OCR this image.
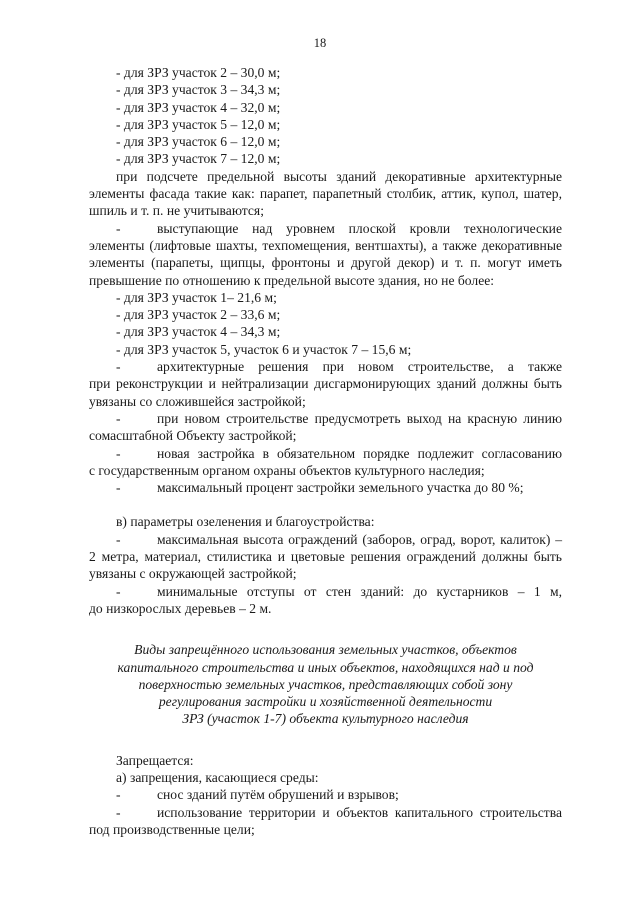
18
- для ЗРЗ участок 2 – 30,0 м;
- для ЗРЗ участок 3 – 34,3 м;
- для ЗРЗ участок 4 – 32,0 м;
- для ЗРЗ участок 5 – 12,0 м;
- для ЗРЗ участок 6 – 12,0 м;
- для ЗРЗ участок 7 – 12,0 м;
при подсчете предельной высоты зданий декоративные архитектурные
элементы фасада такие как: парапет, парапетный столбик, аттик, купол, шатер,
шпиль и т. п. не учитываются;
-	выступающие над уровнем плоской кровли технологические
элементы (лифтовые шахты, техпомещения, вентшахты), а также декоративные
элементы (парапеты, щипцы, фронтоны и другой декор) и т. п. могут иметь
превышение по отношению к предельной высоте здания, но не более:
- для ЗРЗ участок 1– 21,6 м;
- для ЗРЗ участок 2 – 33,6 м;
- для ЗРЗ участок 4 – 34,3 м;
- для ЗРЗ участок 5, участок 6 и участок 7 – 15,6 м;
-	архитектурные решения при новом строительстве, а также
при реконструкции и нейтрализации дисгармонирующих зданий должны быть
увязаны со сложившейся застройкой;
-	при новом строительстве предусмотреть выход на красную линию
сомасштабной Объекту застройкой;
-	новая застройка в обязательном порядке подлежит согласованию
с государственным органом охраны объектов культурного наследия;
-	максимальный процент застройки земельного участка до 80 %;
в) параметры озеленения и благоустройства:
-	максимальная высота ограждений (заборов, оград, ворот, калиток) –
2 метра, материал, стилистика и цветовые решения ограждений должны быть
увязаны с окружающей застройкой;
-	минимальные отступы от стен зданий: до кустарников – 1 м,
до низкорослых деревьев – 2 м.
Виды запрещённого использования земельных участков, объектов
капитального строительства и иных объектов, находящихся над и под
поверхностью земельных участков, представляющих собой зону
регулирования застройки и хозяйственной деятельности
ЗРЗ (участок 1-7) объекта культурного наследия
Запрещается:
а) запрещения, касающиеся среды:
-	снос зданий путём обрушений и взрывов;
-	использование территории и объектов капитального строительства
под производственные цели;
